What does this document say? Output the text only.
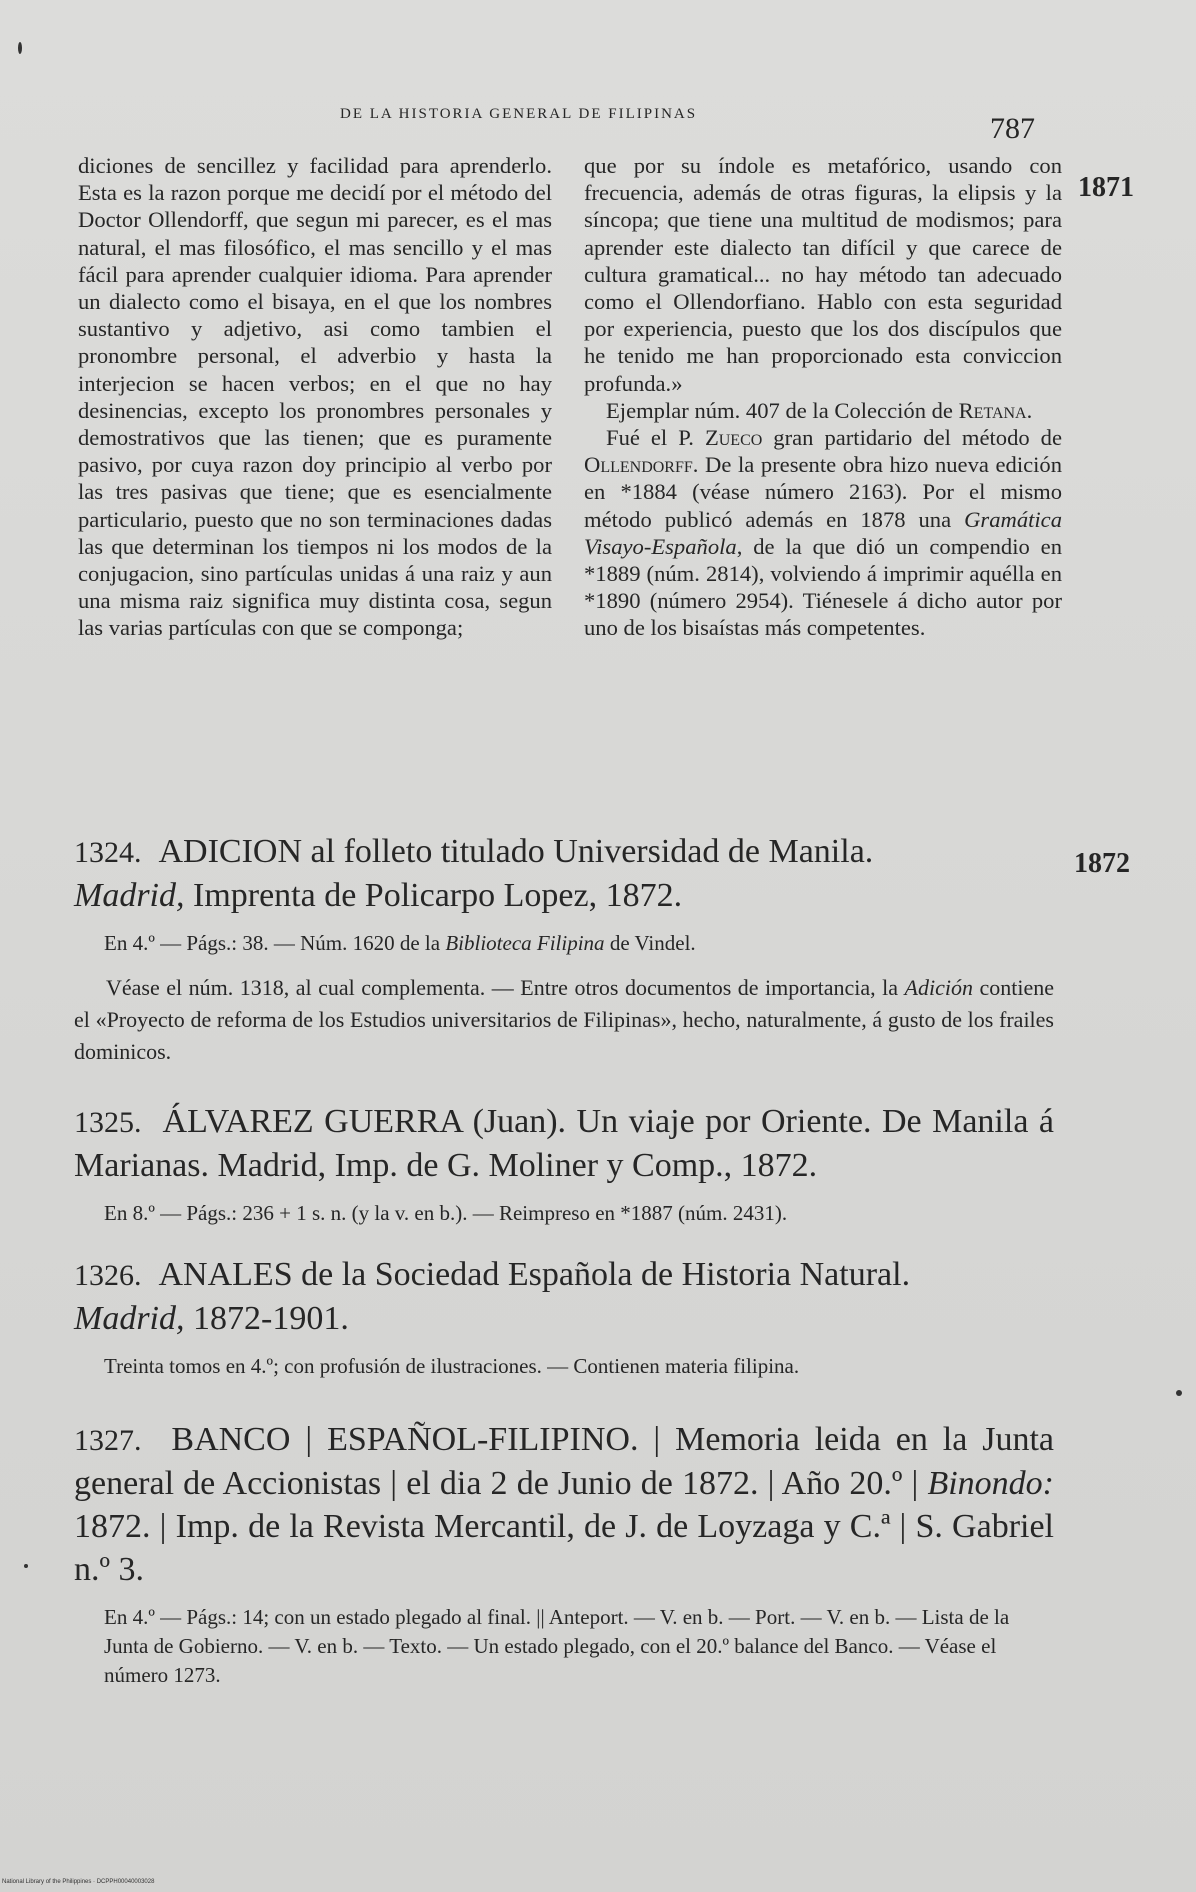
DE LA HISTORIA GENERAL DE FILIPINAS	787
1871
1872

diciones de sencillez y facilidad para aprenderlo. Esta es la razon porque me decidí por el método del Doctor Ollendorff, que segun mi parecer, es el mas natural, el mas filosófico, el mas sencillo y el mas fácil para aprender cualquier idioma. Para aprender un dialecto como el bisaya, en el que los nombres sustantivo y adjetivo, asi como tambien el pronombre personal, el adverbio y hasta la interjecion se hacen verbos; en el que no hay desinencias, excepto los pronombres personales y demostrativos que las tienen; que es puramente pasivo, por cuya razon doy principio al verbo por las tres pasivas que tiene; que es esencialmente particulario, puesto que no son terminaciones dadas las que determinan los tiempos ni los modos de la conjugacion, sino partículas unidas á una raiz y aun una misma raiz significa muy distinta cosa, segun las varias partículas con que se componga;

que por su índole es metafórico, usando con frecuencia, además de otras figuras, la elipsis y la síncopa; que tiene una multitud de modismos; para aprender este dialecto tan difícil y que carece de cultura gramatical... no hay método tan adecuado como el Ollendorfiano. Hablo con esta seguridad por experiencia, puesto que los dos discípulos que he tenido me han proporcionado esta conviccion profunda.»

Ejemplar núm. 407 de la Colección de Retana.

Fué el P. Zueco gran partidario del método de Ollendorff. De la presente obra hizo nueva edición en *1884 (véase número 2163). Por el mismo método publicó además en 1878 una Gramática Visayo-Española, de la que dió un compendio en *1889 (núm. 2814), volviendo á imprimir aquélla en *1890 (número 2954). Tiénesele á dicho autor por uno de los bisaístas más competentes.

1324. ADICION al folleto titulado Universidad de Manila.
Madrid, Imprenta de Policarpo Lopez, 1872.

En 4.º — Págs.: 38. — Núm. 1620 de la Biblioteca Filipina de Vindel.

Véase el núm. 1318, al cual complementa. — Entre otros documentos de importancia, la Adición contiene el «Proyecto de reforma de los Estudios universitarios de Filipinas», hecho, naturalmente, á gusto de los frailes dominicos.

1325. ÁLVAREZ GUERRA (Juan). Un viaje por Oriente. De Manila á Marianas. Madrid, Imp. de G. Moliner y Comp., 1872.

En 8.º — Págs.: 236 + 1 s. n. (y la v. en b.). — Reimpreso en *1887 (núm. 2431).

1326. ANALES de la Sociedad Española de Historia Natural.
Madrid, 1872-1901.

Treinta tomos en 4.º; con profusión de ilustraciones. — Contienen materia filipina.

1327. BANCO | ESPAÑOL-FILIPINO. | Memoria leida en la Junta general de Accionistas | el dia 2 de Junio de 1872. | Año 20.º | Binondo: 1872. | Imp. de la Revista Mercantil, de J. de Loyzaga y C.ª | S. Gabriel n.º 3.

En 4.º — Págs.: 14; con un estado plegado al final. || Anteport. — V. en b. — Port. — V. en b. — Lista de la Junta de Gobierno. — V. en b. — Texto. — Un estado plegado, con el 20.º balance del Banco. — Véase el número 1273.

National Library of the Philippines · DCPPH00040003028
